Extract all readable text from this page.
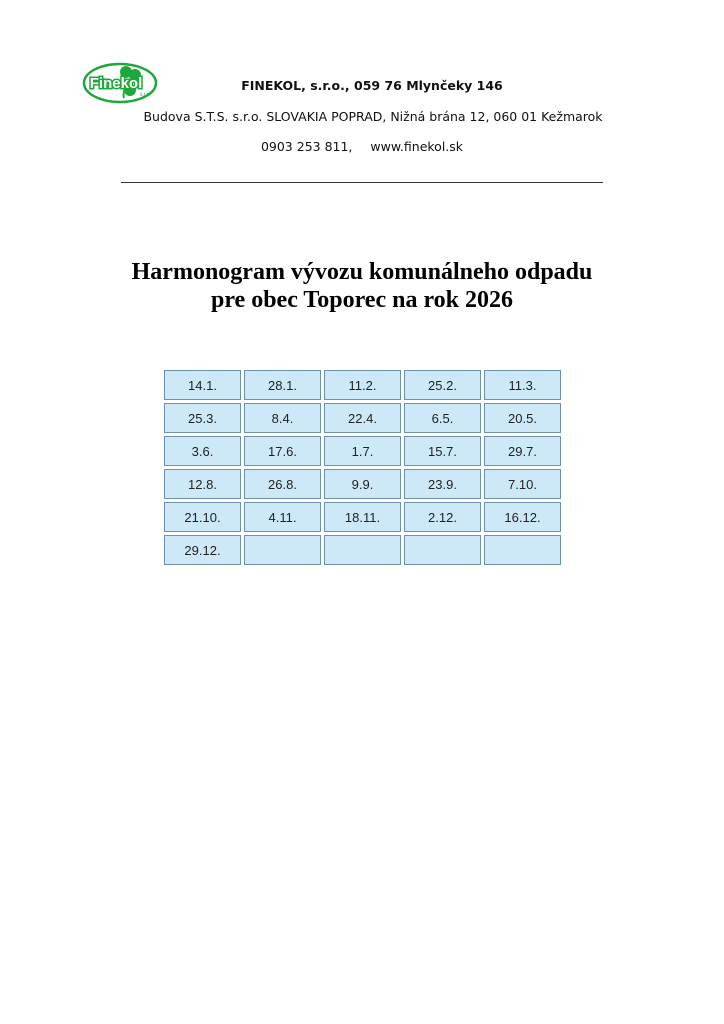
Finekol
s.r.o.
FINEKOL, s.r.o., 059 76 Mlynčeky 146
Budova S.T.S. s.r.o. SLOVAKIA POPRAD, Nižná brána 12, 060 01 Kežmarok
0903 253 811, www.finekol.sk
Harmonogram vývozu komunálneho odpadu
pre obec Toporec na rok 2026
14.1.	28.1.	11.2.	25.2.	11.3.
25.3.	8.4.	22.4.	6.5.	20.5.
3.6.	17.6.	1.7.	15.7.	29.7.
12.8.	26.8.	9.9.	23.9.	7.10.
21.10.	4.11.	18.11.	2.12.	16.12.
29.12.
